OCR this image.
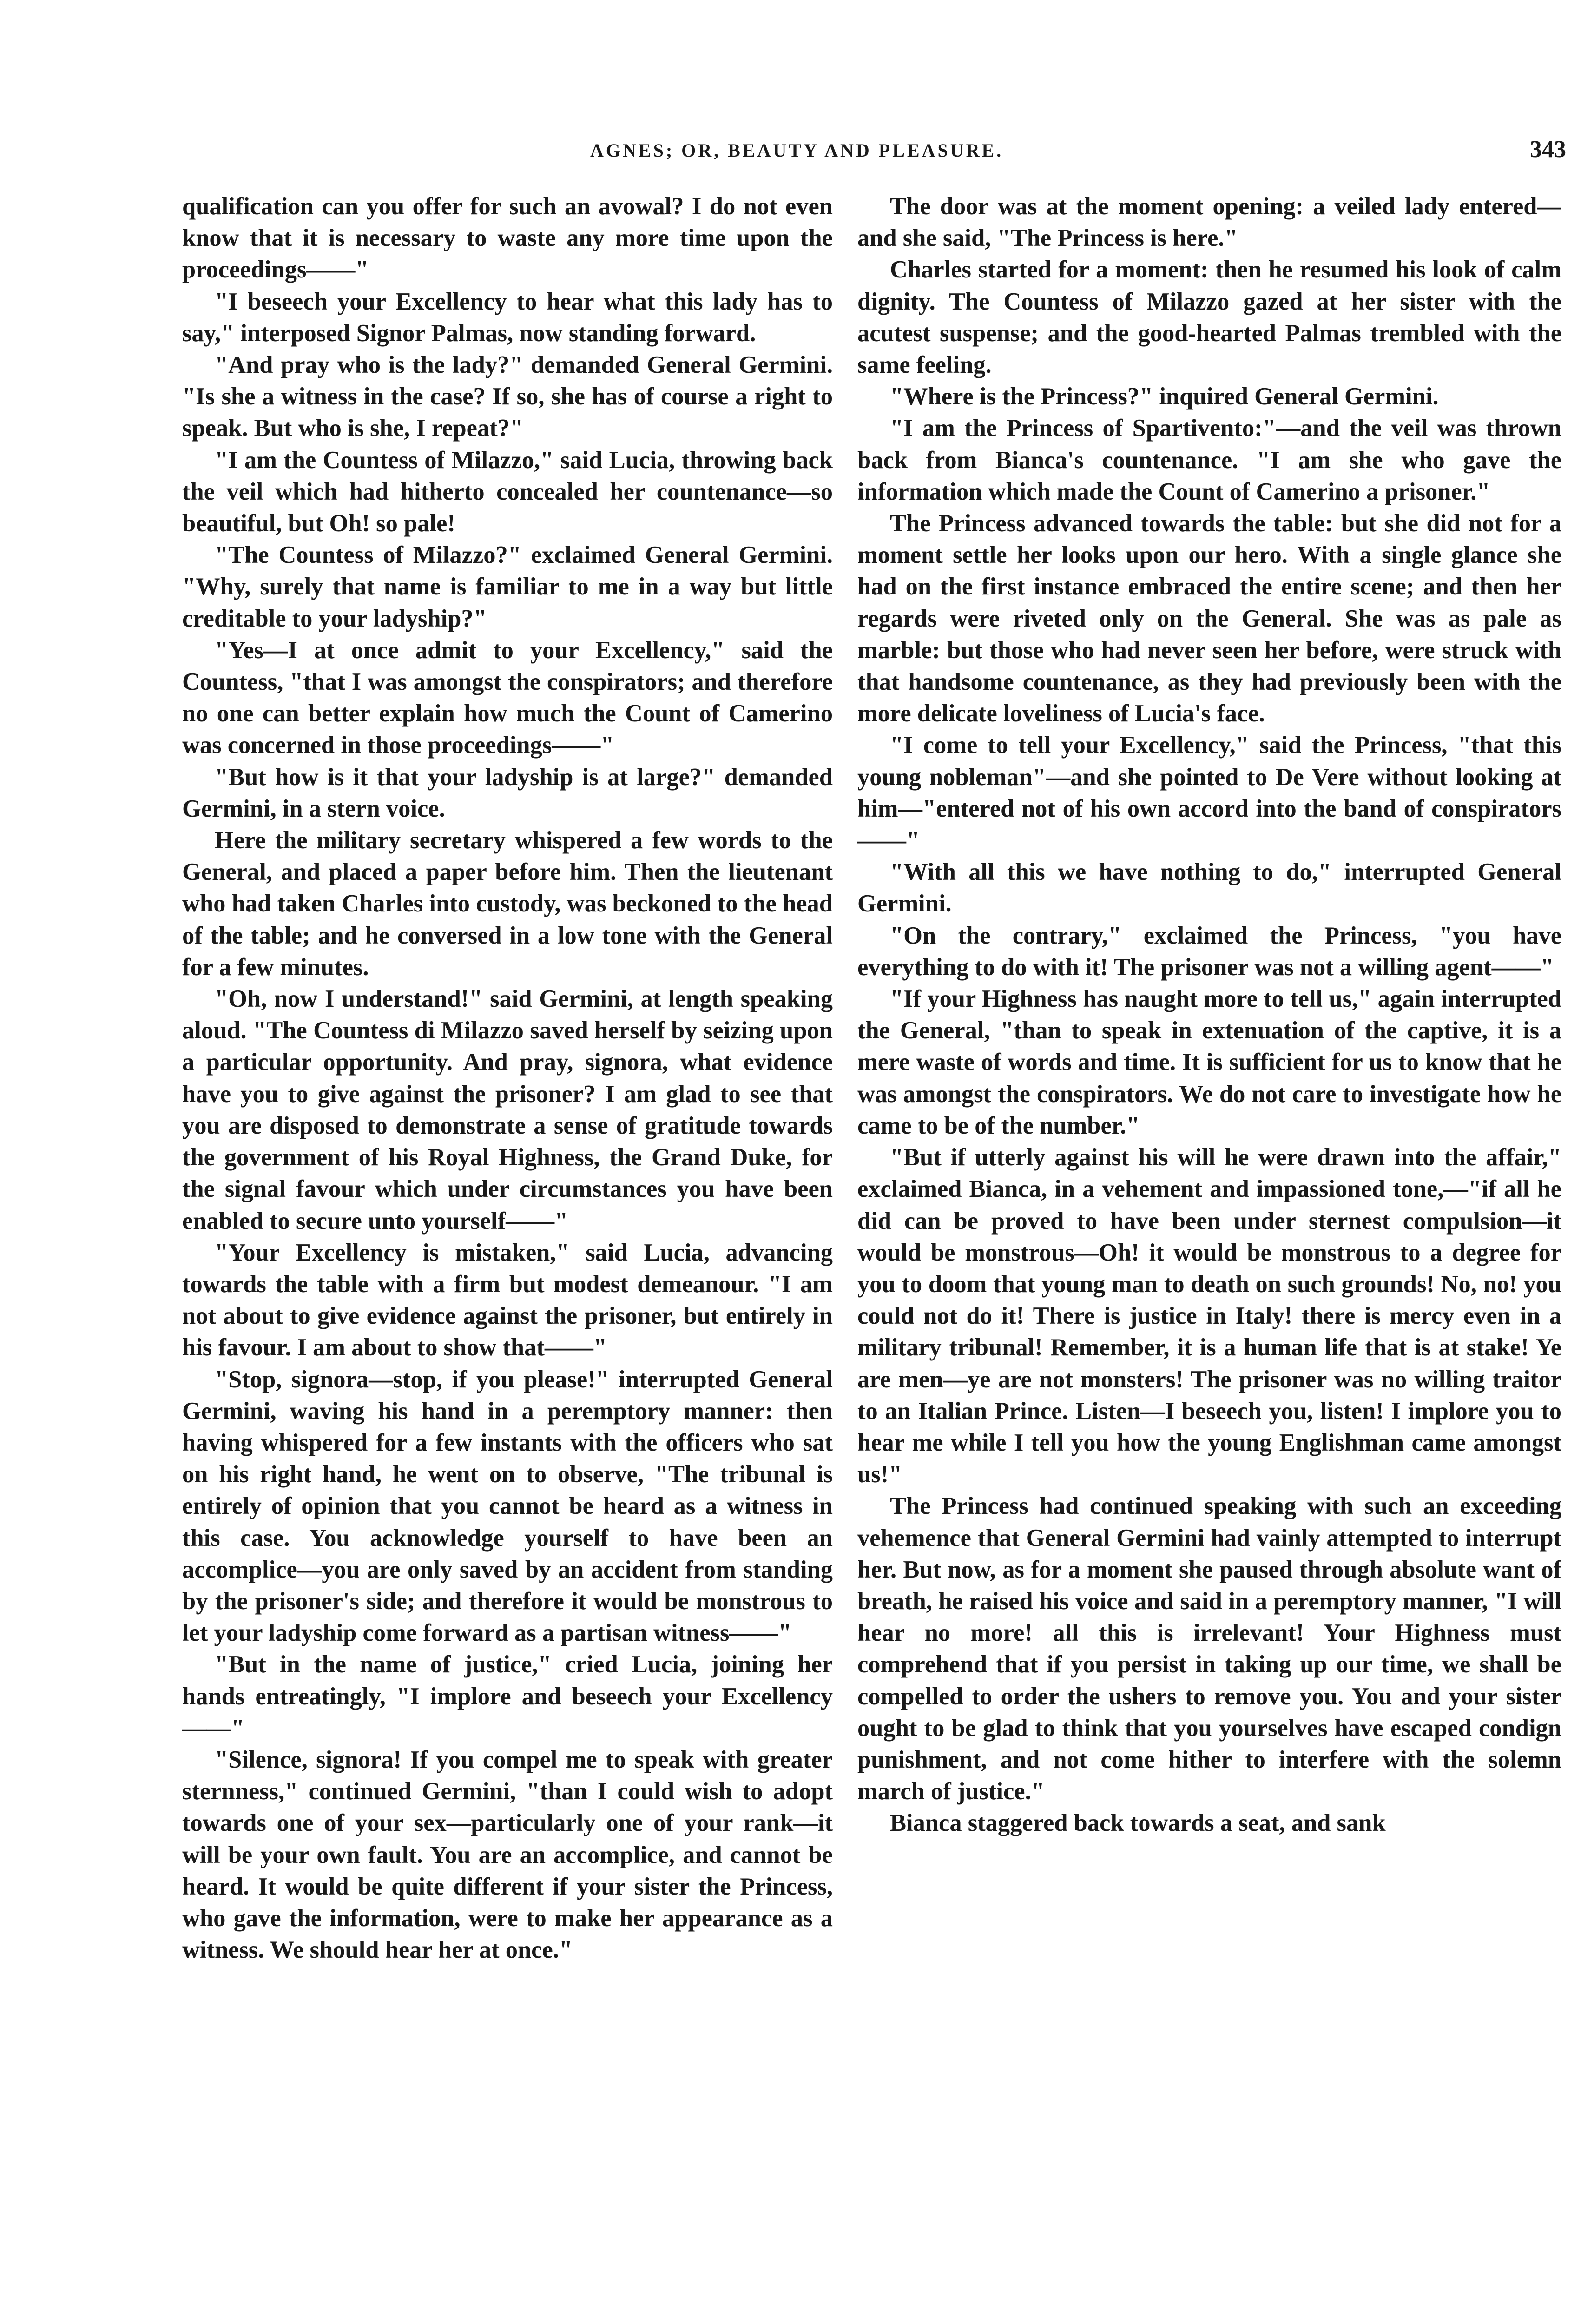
AGNES; OR, BEAUTY AND PLEASURE.	343

qualification can you offer for such an avowal? I do not even know that it is necessary to waste any more time upon the proceedings——"

"I beseech your Excellency to hear what this lady has to say," interposed Signor Palmas, now standing forward.

"And pray who is the lady?" demanded General Germini. "Is she a witness in the case? If so, she has of course a right to speak. But who is she, I repeat?"

"I am the Countess of Milazzo," said Lucia, throwing back the veil which had hitherto concealed her countenance—so beautiful, but Oh! so pale!

"The Countess of Milazzo?" exclaimed General Germini. "Why, surely that name is familiar to me in a way but little creditable to your ladyship?"

"Yes—I at once admit to your Excellency," said the Countess, "that I was amongst the conspirators; and therefore no one can better explain how much the Count of Camerino was concerned in those proceedings——"

"But how is it that your ladyship is at large?" demanded Germini, in a stern voice.

Here the military secretary whispered a few words to the General, and placed a paper before him. Then the lieutenant who had taken Charles into custody, was beckoned to the head of the table; and he conversed in a low tone with the General for a few minutes.

"Oh, now I understand!" said Germini, at length speaking aloud. "The Countess di Milazzo saved herself by seizing upon a particular opportunity. And pray, signora, what evidence have you to give against the prisoner? I am glad to see that you are disposed to demonstrate a sense of gratitude towards the government of his Royal Highness, the Grand Duke, for the signal favour which under circumstances you have been enabled to secure unto yourself——"

"Your Excellency is mistaken," said Lucia, advancing towards the table with a firm but modest demeanour. "I am not about to give evidence against the prisoner, but entirely in his favour. I am about to show that——"

"Stop, signora—stop, if you please!" interrupted General Germini, waving his hand in a peremptory manner: then having whispered for a few instants with the officers who sat on his right hand, he went on to observe, "The tribunal is entirely of opinion that you cannot be heard as a witness in this case. You acknowledge yourself to have been an accomplice—you are only saved by an accident from standing by the prisoner's side; and therefore it would be monstrous to let your ladyship come forward as a partisan witness——"

"But in the name of justice," cried Lucia, joining her hands entreatingly, "I implore and beseech your Excellency——"

"Silence, signora! If you compel me to speak with greater sternness," continued Germini, "than I could wish to adopt towards one of your sex—particularly one of your rank—it will be your own fault. You are an accomplice, and cannot be heard. It would be quite different if your sister the Princess, who gave the information, were to make her appearance as a witness. We should hear her at once."

The door was at the moment opening: a veiled lady entered—and she said, "The Princess is here."

Charles started for a moment: then he resumed his look of calm dignity. The Countess of Milazzo gazed at her sister with the acutest suspense; and the good-hearted Palmas trembled with the same feeling.

"Where is the Princess?" inquired General Germini.

"I am the Princess of Spartivento:"—and the veil was thrown back from Bianca's countenance. "I am she who gave the information which made the Count of Camerino a prisoner."

The Princess advanced towards the table: but she did not for a moment settle her looks upon our hero. With a single glance she had on the first instance embraced the entire scene; and then her regards were riveted only on the General. She was as pale as marble: but those who had never seen her before, were struck with that handsome countenance, as they had previously been with the more delicate loveliness of Lucia's face.

"I come to tell your Excellency," said the Princess, "that this young nobleman"—and she pointed to De Vere without looking at him—"entered not of his own accord into the band of conspirators——"

"With all this we have nothing to do," interrupted General Germini.

"On the contrary," exclaimed the Princess, "you have everything to do with it! The prisoner was not a willing agent——"

"If your Highness has naught more to tell us," again interrupted the General, "than to speak in extenuation of the captive, it is a mere waste of words and time. It is sufficient for us to know that he was amongst the conspirators. We do not care to investigate how he came to be of the number."

"But if utterly against his will he were drawn into the affair," exclaimed Bianca, in a vehement and impassioned tone,—"if all he did can be proved to have been under sternest compulsion—it would be monstrous—Oh! it would be monstrous to a degree for you to doom that young man to death on such grounds! No, no! you could not do it! There is justice in Italy! there is mercy even in a military tribunal! Remember, it is a human life that is at stake! Ye are men—ye are not monsters! The prisoner was no willing traitor to an Italian Prince. Listen—I beseech you, listen! I implore you to hear me while I tell you how the young Englishman came amongst us!"

The Princess had continued speaking with such an exceeding vehemence that General Germini had vainly attempted to interrupt her. But now, as for a moment she paused through absolute want of breath, he raised his voice and said in a peremptory manner, "I will hear no more! all this is irrelevant! Your Highness must comprehend that if you persist in taking up our time, we shall be compelled to order the ushers to remove you. You and your sister ought to be glad to think that you yourselves have escaped condign punishment, and not come hither to interfere with the solemn march of justice."

Bianca staggered back towards a seat, and sank
